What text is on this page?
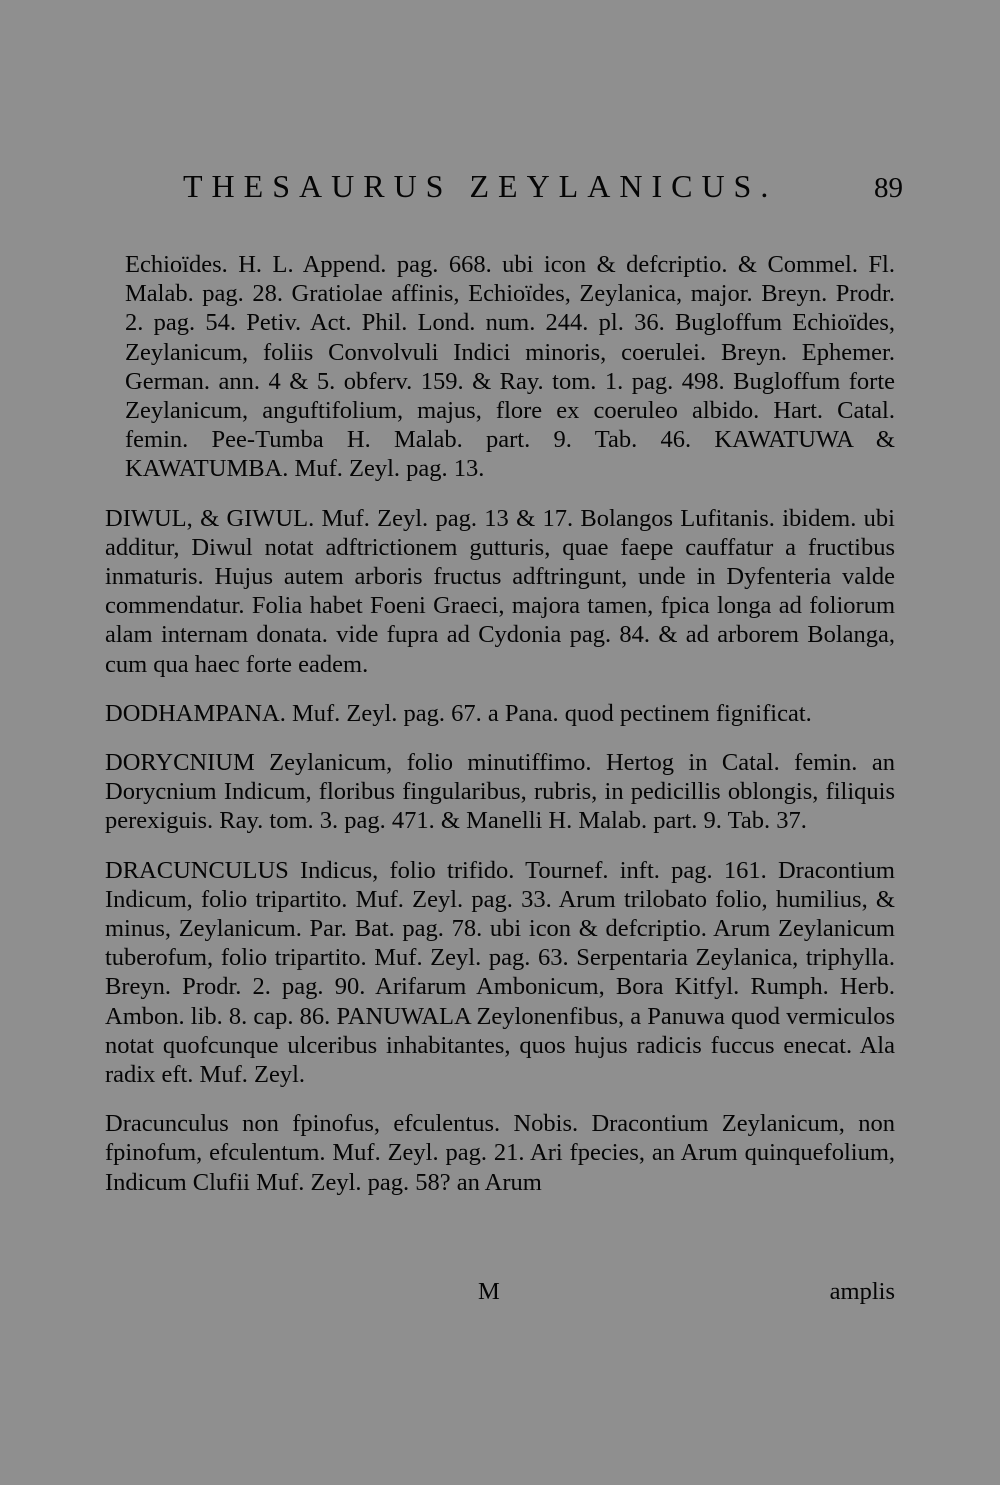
THESAURUS ZEYLANICUS.	89

Echioïdes. H. L. Append. pag. 668. ubi icon & defcriptio. & Commel. Fl. Malab. pag. 28. Gratiolae affinis, Echioïdes, Zeylanica, major. Breyn. Prodr. 2. pag. 54. Petiv. Act. Phil. Lond. num. 244. pl. 36. Bugloffum Echioïdes, Zeylanicum, foliis Convolvuli Indici minoris, coerulei. Breyn. Ephemer. German. ann. 4 & 5. obferv. 159. & Ray. tom. 1. pag. 498. Bugloffum forte Zeylanicum, anguftifolium, majus, flore ex coeruleo albido. Hart. Catal. femin. Pee-Tumba H. Malab. part. 9. Tab. 46. KAWATUWA & KAWATUMBA. Muf. Zeyl. pag. 13.

DIWUL, & GIWUL. Muf. Zeyl. pag. 13 & 17. Bolangos Lufitanis. ibidem. ubi additur, Diwul notat adftrictionem gutturis, quae faepe cauffatur a fructibus inmaturis. Hujus autem arboris fructus adftringunt, unde in Dyfenteria valde commendatur. Folia habet Foeni Graeci, majora tamen, fpica longa ad foliorum alam internam donata. vide fupra ad Cydonia pag. 84. & ad arborem Bolanga, cum qua haec forte eadem.

DODHAMPANA. Muf. Zeyl. pag. 67. a Pana. quod pectinem fignificat.

DORYCNIUM Zeylanicum, folio minutiffimo. Hertog in Catal. femin. an Dorycnium Indicum, floribus fingularibus, rubris, in pedicillis oblongis, filiquis perexiguis. Ray. tom. 3. pag. 471. & Manelli H. Malab. part. 9. Tab. 37.

DRACUNCULUS Indicus, folio trifido. Tournef. inft. pag. 161. Dracontium Indicum, folio tripartito. Muf. Zeyl. pag. 33. Arum trilobato folio, humilius, & minus, Zeylanicum. Par. Bat. pag. 78. ubi icon & defcriptio. Arum Zeylanicum tuberofum, folio tripartito. Muf. Zeyl. pag. 63. Serpentaria Zeylanica, triphylla. Breyn. Prodr. 2. pag. 90. Arifarum Ambonicum, Bora Kitfyl. Rumph. Herb. Ambon. lib. 8. cap. 86. PANUWALA Zeylonenfibus, a Panuwa quod vermiculos notat quofcunque ulceribus inhabitantes, quos hujus radicis fuccus enecat. Ala radix eft. Muf. Zeyl.

Dracunculus non fpinofus, efculentus. Nobis. Dracontium Zeylanicum, non fpinofum, efculentum. Muf. Zeyl. pag. 21. Ari fpecies, an Arum quinquefolium, Indicum Clufii Muf. Zeyl. pag. 58? an Arum

M	amplis
